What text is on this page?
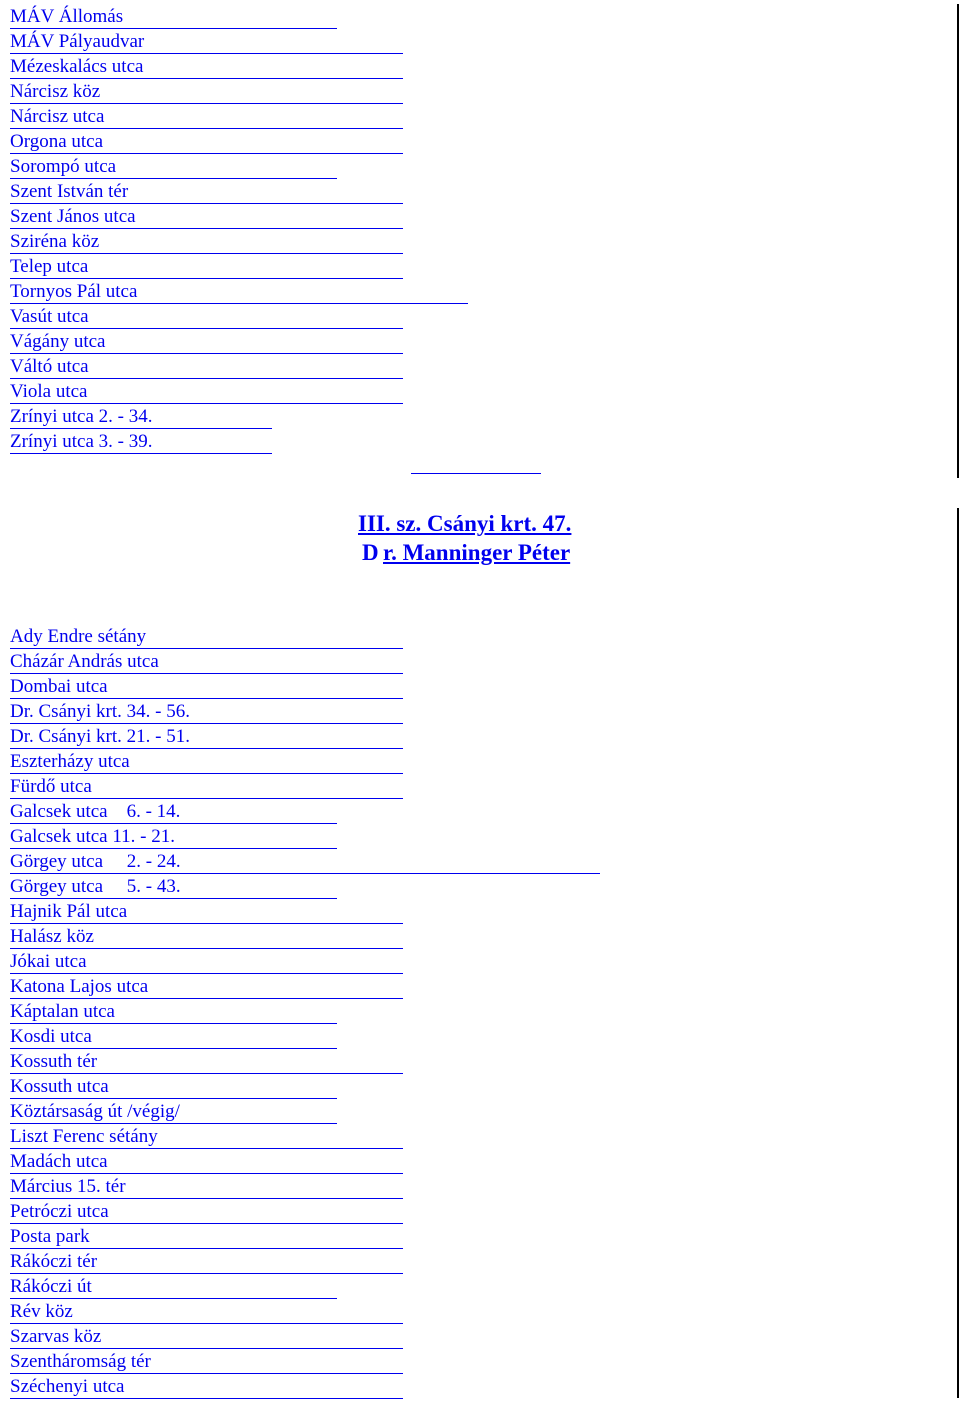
MÁV Állomás
MÁV Pályaudvar
Mézeskalács utca
Nárcisz köz
Nárcisz utca
Orgona utca
Sorompó utca
Szent István tér
Szent János utca
Sziréna köz
Telep utca
Tornyos Pál utca
Vasút utca
Vágány utca
Váltó utca
Viola utca
Zrínyi utca 2. - 34.
Zrínyi utca 3. - 39.
III. sz. Csányi krt. 47.
D r. Manninger Péter
Ady Endre sétány
Cházár András utca
Dombai utca
Dr. Csányi krt. 34. - 56.
Dr. Csányi krt. 21. - 51.
Eszterházy utca
Fürdő utca
Galcsek utca    6. - 14.
Galcsek utca 11. - 21.
Görgey utca     2. - 24.
Görgey utca     5. - 43.
Hajnik Pál utca
Halász köz
Jókai utca
Katona Lajos utca
Káptalan utca
Kosdi utca
Kossuth tér
Kossuth utca
Köztársaság út /végig/
Liszt Ferenc sétány
Madách utca
Március 15. tér
Petróczi utca
Posta park
Rákóczi tér
Rákóczi út
Rév köz
Szarvas köz
Szentháromság tér
Széchenyi utca
